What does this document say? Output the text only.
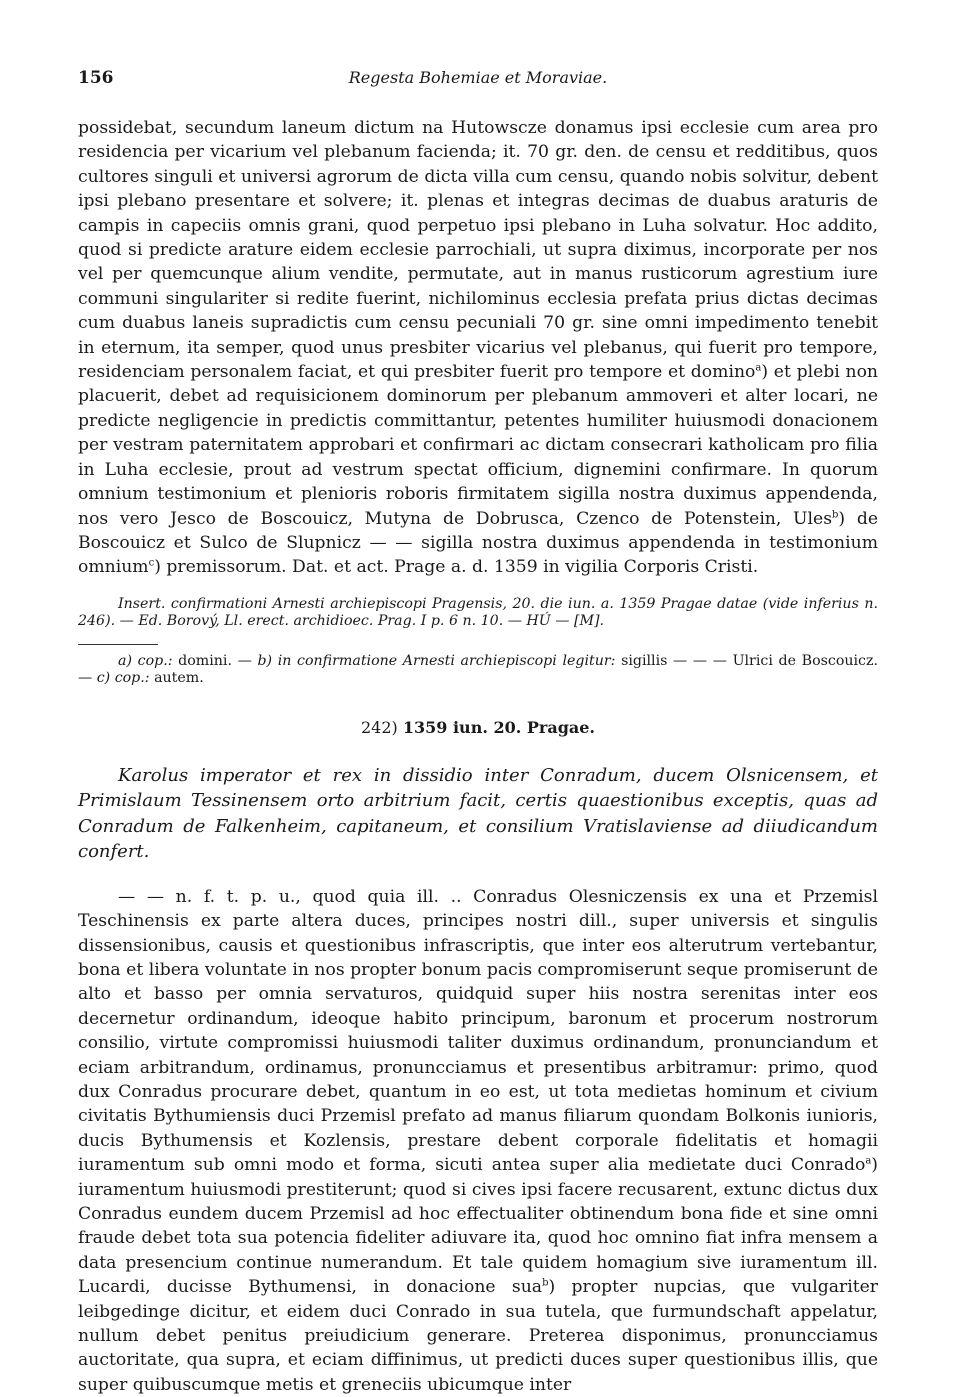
156	Regesta Bohemiae et Moraviae.

possidebat, secundum laneum dictum na Hutowscze donamus ipsi ecclesie cum area pro residencia per vicarium vel plebanum facienda; it. 70 gr. den. de censu et redditibus, quos cultores singuli et universi agrorum de dicta villa cum censu, quando nobis solvitur, debent ipsi plebano presentare et solvere; it. plenas et integras decimas de duabus araturis de campis in capeciis omnis grani, quod perpetuo ipsi plebano in Luha solvatur. Hoc addito, quod si predicte arature eidem ecclesie parrochiali, ut supra diximus, incorporate per nos vel per quemcunque alium vendite, permutate, aut in manus rusticorum agrestium iure communi singulariter si redite fuerint, nichilominus ecclesia prefata prius dictas decimas cum duabus laneis supradictis cum censu pecuniali 70 gr. sine omni impedimento tenebit in eternum, ita semper, quod unus presbiter vicarius vel plebanus, qui fuerit pro tempore, residenciam personalem faciat, et qui presbiter fuerit pro tempore et domino$^a$) et plebi non placuerit, debet ad requisicionem dominorum per plebanum ammoveri et alter locari, ne predicte negligencie in predictis committantur, petentes humiliter huiusmodi donacionem per vestram paternitatem approbari et confirmari ac dictam consecrari katholicam pro filia in Luha ecclesie, prout ad vestrum spectat officium, dignemini confirmare. In quorum omnium testimonium et plenioris roboris firmitatem sigilla nostra duximus appendenda, nos vero Jesco de Boscouicz, Mutyna de Dobrusca, Czenco de Potenstein, Ules$^b$) de Boscouicz et Sulco de Slupnicz — — sigilla nostra duximus appendenda in testimonium omnium$^c$) premissorum. Dat. et act. Prage a. d. 1359 in vigilia Corporis Cristi.

Insert. confirmationi Arnesti archiepiscopi Pragensis, 20. die iun. a. 1359 Pragae datae (vide inferius n. 246). — Ed. Borový, Ll. erect. archidioec. Prag. I p. 6 n. 10. — HÚ — [M].

a) cop.: domini. — b) in confirmatione Arnesti archiepiscopi legitur: sigillis — — — Ulrici de Boscouicz. — c) cop.: autem.

242) 1359 iun. 20. Pragae.

Karolus imperator et rex in dissidio inter Conradum, ducem Olsnicensem, et Primislaum Tessinensem orto arbitrium facit, certis quaestionibus exceptis, quas ad Conradum de Falkenheim, capitaneum, et consilium Vratislaviense ad diiudicandum confert.

— — n. f. t. p. u., quod quia ill. .. Conradus Olesniczensis ex una et Przemisl Teschinensis ex parte altera duces, principes nostri dill., super universis et singulis dissensionibus, causis et questionibus infrascriptis, que inter eos alterutrum vertebantur, bona et libera voluntate in nos propter bonum pacis compromiserunt seque promiserunt de alto et basso per omnia servaturos, quidquid super hiis nostra serenitas inter eos decernetur ordinandum, ideoque habito principum, baronum et procerum nostrorum consilio, virtute compromissi huiusmodi taliter duximus ordinandum, pronunciandum et eciam arbitrandum, ordinamus, pronuncciamus et presentibus arbitramur: primo, quod dux Conradus procurare debet, quantum in eo est, ut tota medietas hominum et civium civitatis Bythumiensis duci Przemisl prefato ad manus filiarum quondam Bolkonis iunioris, ducis Bythumensis et Kozlensis, prestare debent corporale fidelitatis et homagii iuramentum sub omni modo et forma, sicuti antea super alia medietate duci Conrado$^a$) iuramentum huiusmodi prestiterunt; quod si cives ipsi facere recusarent, extunc dictus dux Conradus eundem ducem Przemisl ad hoc effectualiter obtinendum bona fide et sine omni fraude debet tota sua potencia fideliter adiuvare ita, quod hoc omnino fiat infra mensem a data presencium continue numerandum. Et tale quidem homagium sive iuramentum ill. Lucardi, ducisse Bythumensi, in donacione sua$^b$) propter nupcias, que vulgariter leibgedinge dicitur, et eidem duci Conrado in sua tutela, que furmundschaft appelatur, nullum debet penitus preiudicium generare. Preterea disponimus, pronuncciamus auctoritate, qua supra, et eciam diffinimus, ut predicti duces super questionibus illis, que super quibuscumque metis et greneciis ubicumque inter
